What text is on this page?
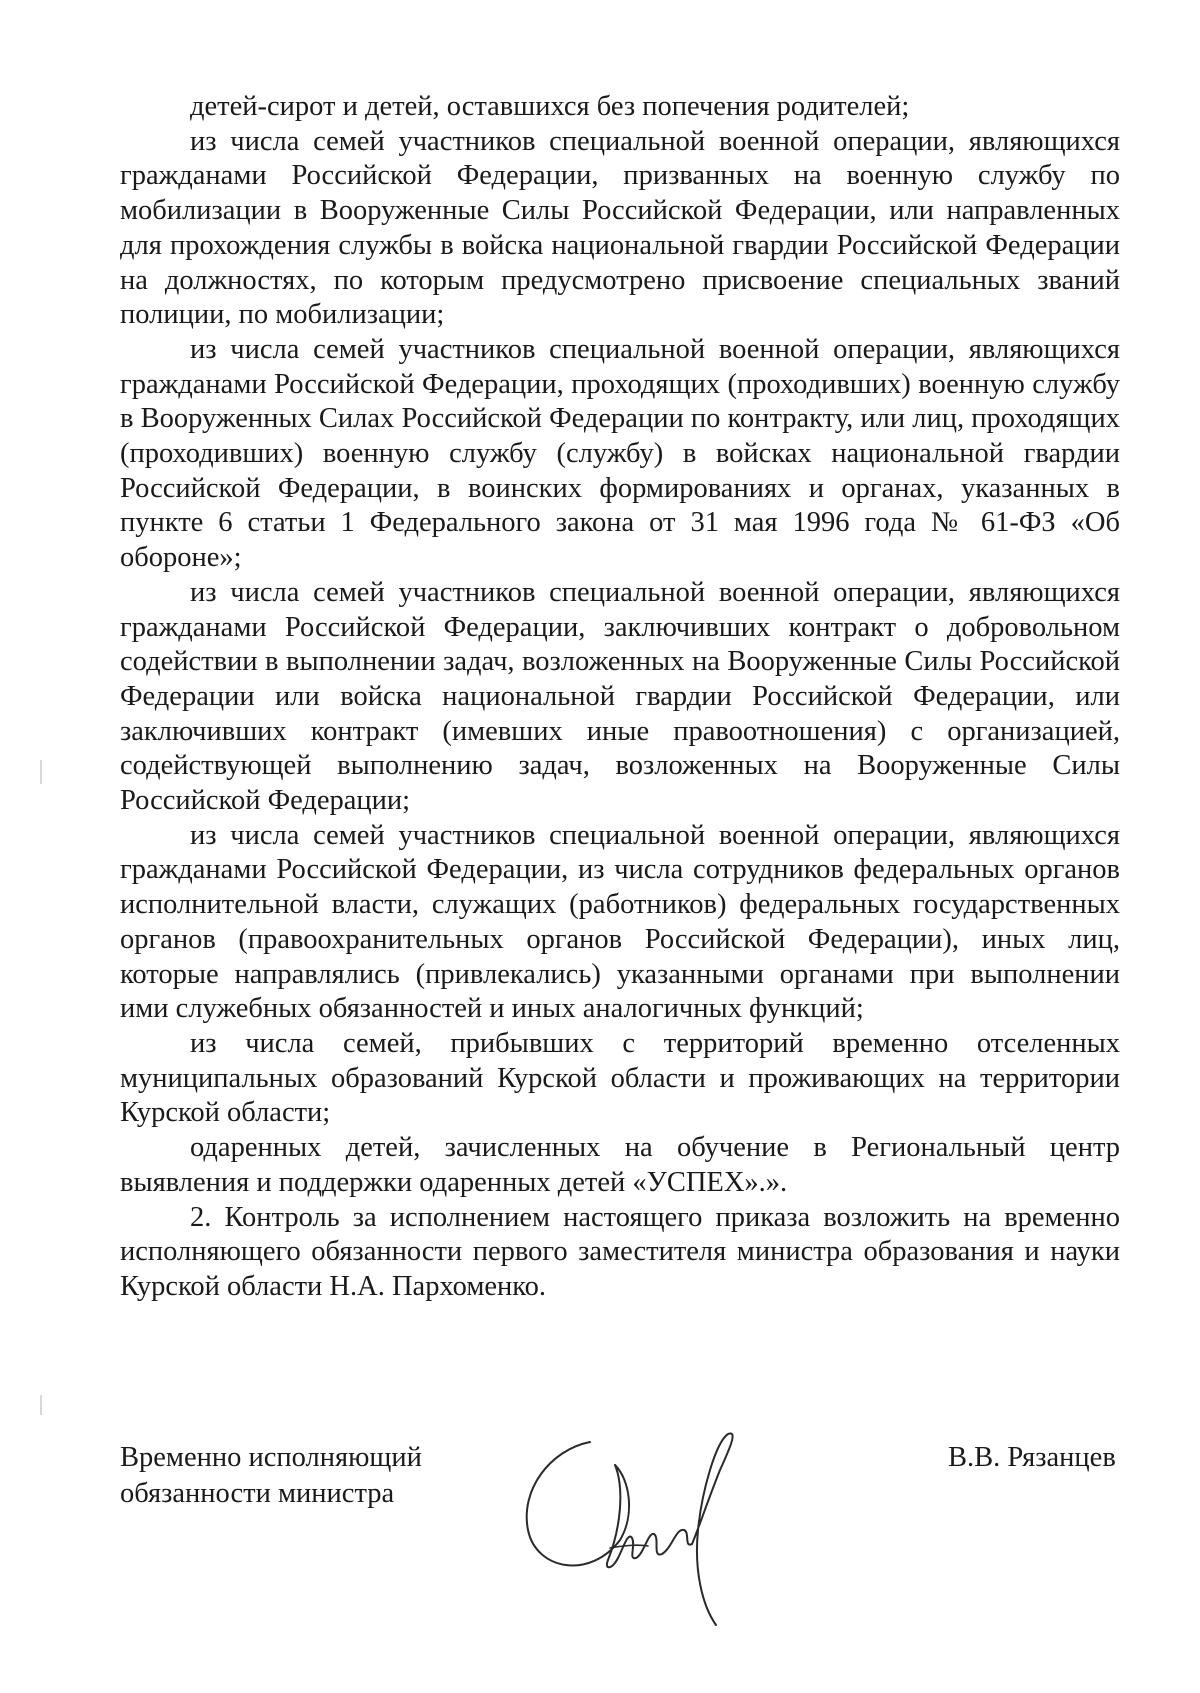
детей-сирот и детей, оставшихся без попечения родителей;

из числа семей участников специальной военной операции, являющихся гражданами Российской Федерации, призванных на военную службу по мобилизации в Вооруженные Силы Российской Федерации, или направленных для прохождения службы в войска национальной гвардии Российской Федерации на должностях, по которым предусмотрено присвоение специальных званий полиции, по мобилизации;

из числа семей участников специальной военной операции, являющихся гражданами Российской Федерации, проходящих (проходивших) военную службу в Вооруженных Силах Российской Федерации по контракту, или лиц, проходящих (проходивших) военную службу (службу) в войсках национальной гвардии Российской Федерации, в воинских формированиях и органах, указанных в пункте 6 статьи 1 Федерального закона от 31 мая 1996 года № 61-ФЗ «Об обороне»;

из числа семей участников специальной военной операции, являющихся гражданами Российской Федерации, заключивших контракт о добровольном содействии в выполнении задач, возложенных на Вооруженные Силы Российской Федерации или войска национальной гвардии Российской Федерации, или заключивших контракт (имевших иные правоотношения) с организацией, содействующей выполнению задач, возложенных на Вооруженные Силы Российской Федерации;

из числа семей участников специальной военной операции, являющихся гражданами Российской Федерации, из числа сотрудников федеральных органов исполнительной власти, служащих (работников) федеральных государственных органов (правоохранительных органов Российской Федерации), иных лиц, которые направлялись (привлекались) указанными органами при выполнении ими служебных обязанностей и иных аналогичных функций;

из числа семей, прибывших с территорий временно отселенных муниципальных образований Курской области и проживающих на территории Курской области;

одаренных детей, зачисленных на обучение в Региональный центр выявления и поддержки одаренных детей «УСПЕХ».».

2. Контроль за исполнением настоящего приказа возложить на временно исполняющего обязанности первого заместителя министра образования и науки Курской области Н.А. Пархоменко.

Временно исполняющий
обязанности министра
В.В. Рязанцев
